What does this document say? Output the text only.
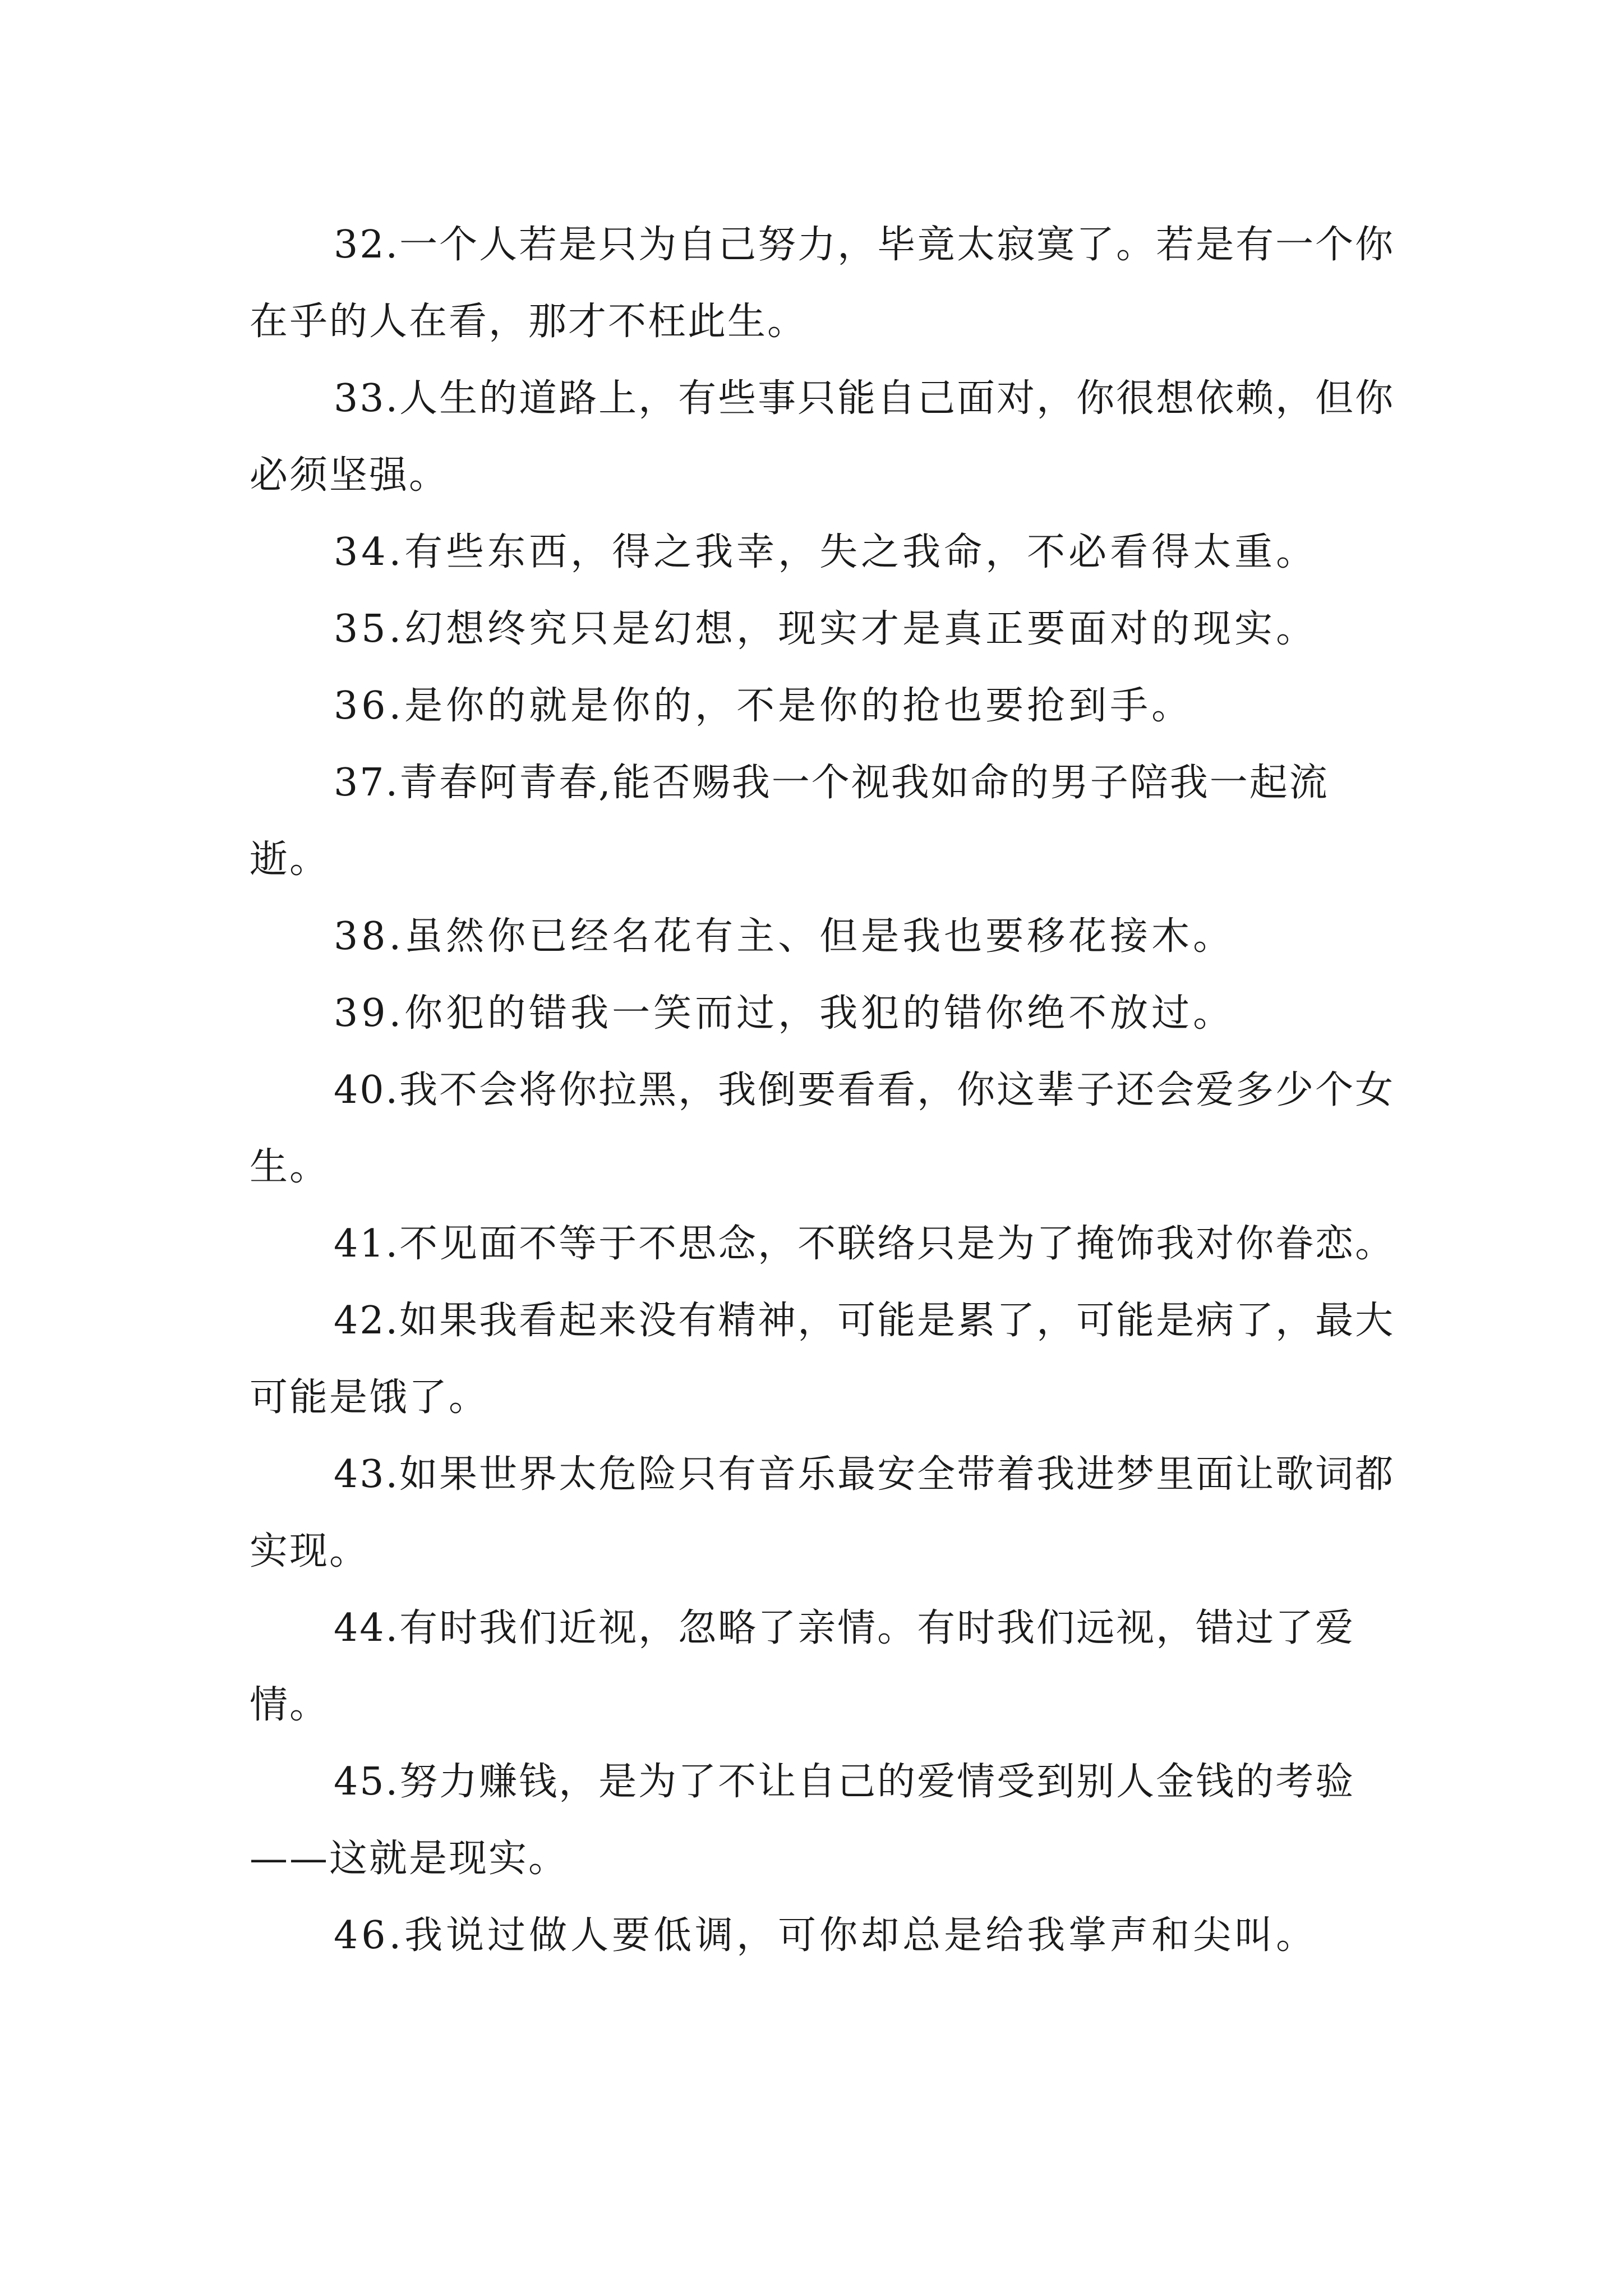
32.一个人若是只为自己努力，毕竟太寂寞了。若是有一个你在乎的人在看，那才不枉此生。

33.人生的道路上，有些事只能自己面对，你很想依赖，但你必须坚强。

34.有些东西，得之我幸，失之我命，不必看得太重。

35.幻想终究只是幻想，现实才是真正要面对的现实。

36.是你的就是你的，不是你的抢也要抢到手。

37.青春阿青春,能否赐我一个视我如命的男子陪我一起流逝。

38.虽然你已经名花有主、但是我也要移花接木。

39.你犯的错我一笑而过，我犯的错你绝不放过。

40.我不会将你拉黑，我倒要看看，你这辈子还会爱多少个女生。

41.不见面不等于不思念，不联络只是为了掩饰我对你眷恋。

42.如果我看起来没有精神，可能是累了，可能是病了，最大可能是饿了。

43.如果世界太危险只有音乐最安全带着我进梦里面让歌词都实现。

44.有时我们近视，忽略了亲情。有时我们远视，错过了爱情。

45.努力赚钱，是为了不让自己的爱情受到别人金钱的考验——这就是现实。

46.我说过做人要低调，可你却总是给我掌声和尖叫。
